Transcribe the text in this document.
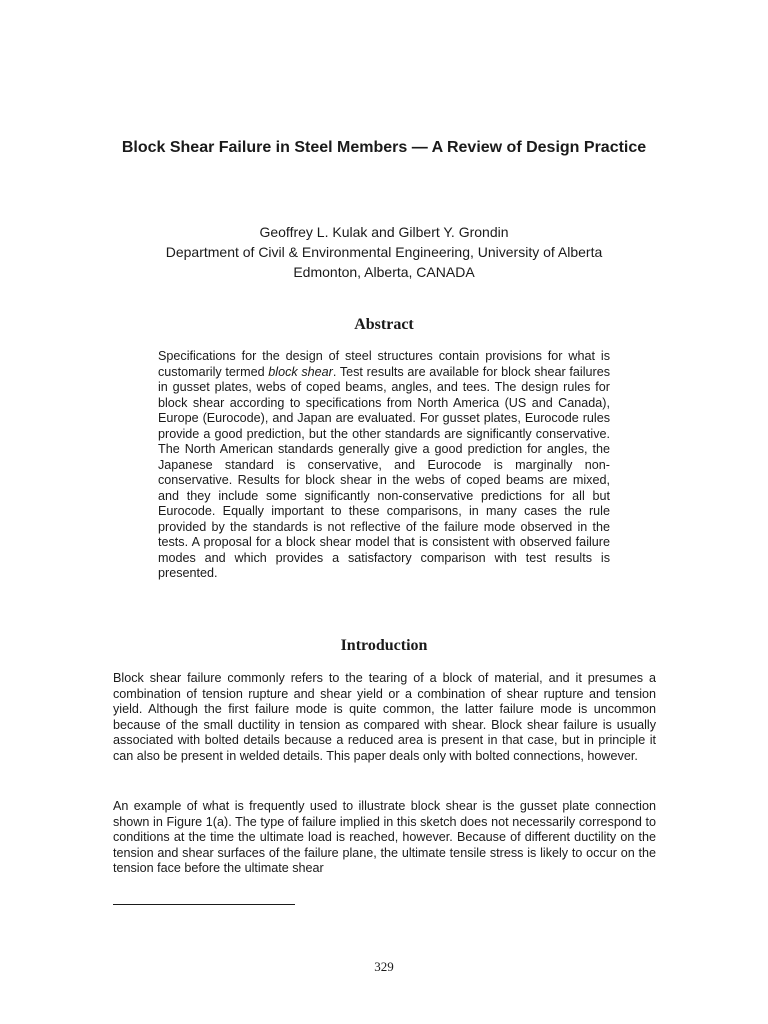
Block Shear Failure in Steel Members — A Review of Design Practice
Geoffrey L. Kulak and Gilbert Y. Grondin
Department of Civil & Environmental Engineering, University of Alberta
Edmonton, Alberta, CANADA
Abstract

Specifications for the design of steel structures contain provisions for what is customarily termed block shear. Test results are available for block shear failures in gusset plates, webs of coped beams, angles, and tees. The design rules for block shear according to specifications from North America (US and Canada), Europe (Eurocode), and Japan are evaluated. For gusset plates, Eurocode rules provide a good prediction, but the other standards are significantly conservative. The North American standards generally give a good prediction for angles, the Japanese standard is conservative, and Eurocode is marginally non-conservative. Results for block shear in the webs of coped beams are mixed, and they include some significantly non-conservative predictions for all but Eurocode. Equally important to these comparisons, in many cases the rule provided by the standards is not reflective of the failure mode observed in the tests. A proposal for a block shear model that is consistent with observed failure modes and which provides a satisfactory comparison with test results is presented.

Introduction

Block shear failure commonly refers to the tearing of a block of material, and it presumes a combination of tension rupture and shear yield or a combination of shear rupture and tension yield. Although the first failure mode is quite common, the latter failure mode is uncommon because of the small ductility in tension as compared with shear. Block shear failure is usually associated with bolted details because a reduced area is present in that case, but in principle it can also be present in welded details. This paper deals only with bolted connections, however.

An example of what is frequently used to illustrate block shear is the gusset plate connection shown in Figure 1(a). The type of failure implied in this sketch does not necessarily correspond to conditions at the time the ultimate load is reached, however. Because of different ductility on the tension and shear surfaces of the failure plane, the ultimate tensile stress is likely to occur on the tension face before the ultimate shear

329
